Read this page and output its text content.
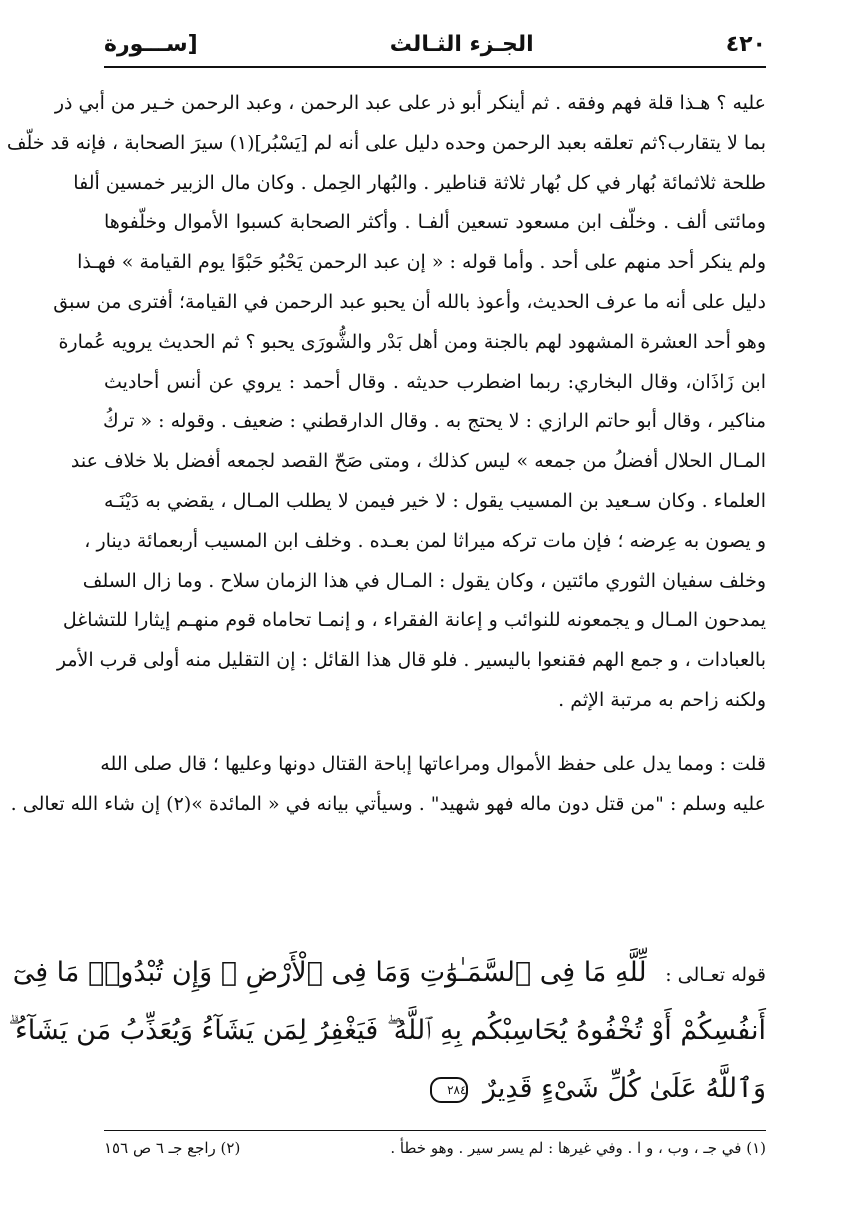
٤٢٠
الجـزء الثـالث
[ســـورة
عليه ؟ هـذا قلة فهم وفقه . ثم أينكر أبو ذر على عبد الرحمن ، وعبد الرحمن خـير من أبي ذر
بما لا يتقارب؟ثم تعلقه بعبد الرحمن وحده دليل على أنه لم [يَسْبُر](١) سيرَ الصحابة ، فإنه قد خلّف
طلحة ثلاثمائة بُهار في كل بُهار ثلاثة قناطير . والبُهار الحِمل . وكان مال الزبير خمسين ألفا
ومائتى ألف . وخلّف ابن مسعود تسعين ألفـا . وأكثر الصحابة كسبوا الأموال وخلّفوها
ولم ينكر أحد منهم على أحد . وأما قوله : « إن عبد الرحمن يَحْبُو حَبْوًا يوم القيامة » فهـذا
دليل على أنه ما عرف الحديث، وأعوذ بالله أن يحبو عبد الرحمن في القيامة؛ أفترى من سبق
وهو أحد العشرة المشهود لهم بالجنة ومن أهل بَدْر والشُّورَى يحبو ؟ ثم الحديث يرويه عُمارة
ابن زَاذَان، وقال البخاري: ربما اضطرب حديثه . وقال أحمد : يروي عن أنس أحاديث
مناكير ، وقال أبو حاتم الرازي : لا يحتج به . وقال الدارقطني : ضعيف . وقوله : « تركُ
المـال الحلال أفضلُ من جمعه » ليس كذلك ، ومتى صَحّ القصد لجمعه أفضل بلا خلاف عند
العلماء . وكان سـعيد بن المسيب يقول : لا خير فيمن لا يطلب المـال ، يقضي به دَيْنَـه
و يصون به عِرضه ؛ فإن مات تركه ميراثا لمن بعـده . وخلف ابن المسيب أربعمائة دينار ،
وخلف سفيان الثوري مائتين ، وكان يقول : المـال في هذا الزمان سلاح . وما زال السلف
يمدحون المـال و يجمعونه للنوائب و إعانة الفقراء ، و إنمـا تحاماه قوم منهـم إيثارا للتشاغل
بالعبادات ، و جمع الهم فقنعوا باليسير . فلو قال هذا القائل : إن التقليل منه أولى قرب الأمر
ولكنه زاحم به مرتبة الإثم .
قلت : ومما يدل على حفظ الأموال ومراعاتها إباحة القتال دونها وعليها ؛ قال صلى الله
عليه وسلم : "من قتل دون ماله فهو شهيد" . وسيأتي بيانه في « المائدة »(٢) إن شاء الله تعالى .
قوله تعـالى : لِّلَّهِ مَا فِى ٱلسَّمَـٰوَٰتِ وَمَا فِى ٱلْأَرْضِ ۗ وَإِن تُبْدُوا۟ مَا فِىٓ
أَنفُسِكُمْ أَوْ تُخْفُوهُ يُحَاسِبْكُم بِهِ ٱللَّهُ ۖ فَيَغْفِرُ لِمَن يَشَآءُ وَيُعَذِّبُ مَن يَشَآءُ ۗ
وَٱللَّهُ عَلَىٰ كُلِّ شَىْءٍ قَدِيرٌ ٢٨٤
(١) في جـ ، وب ، و ا . وفي غيرها : لم يسر سير . وهو خطأ .
(٢) راجع جـ ٦ ص ١٥٦
